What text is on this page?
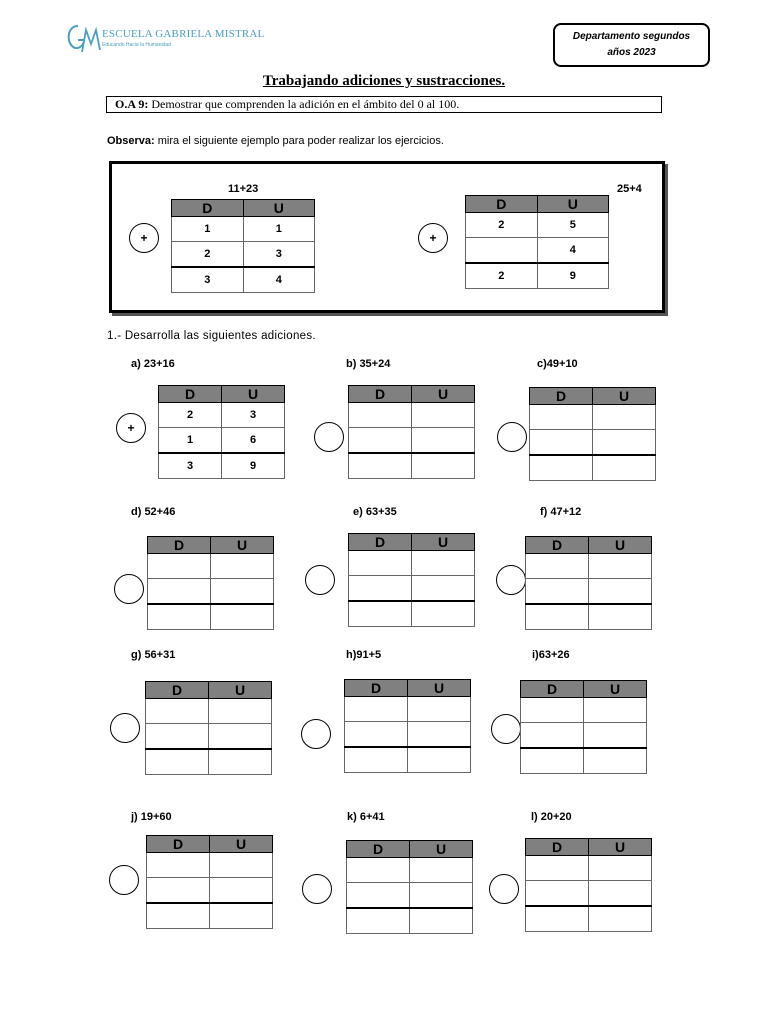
ESCUELA GABRIELA MISTRAL
Educando Hacia la Humanidad
Departamento segundos
años 2023
Trabajando adiciones y sustracciones.
O.A 9: Demostrar que comprenden la adición en el ámbito del 0 al 100.
Observa: mira el siguiente ejemplo para poder realizar los ejercicios.
11+23
+
D	U
1	1
2	3
3	4
25+4
+
D	U
2	5
	4
2	9
1.- Desarrolla las siguientes adiciones.
a) 23+16
+
D	U
2	3
1	6
3	9
b) 35+24
D	U

c)49+10
D	U

d) 52+46
D	U

e) 63+35
D	U

f) 47+12
D	U

g) 56+31
D	U

h)91+5
D	U

i)63+26
D	U

j) 19+60
D	U

k) 6+41
D	U

l) 20+20
D	U
